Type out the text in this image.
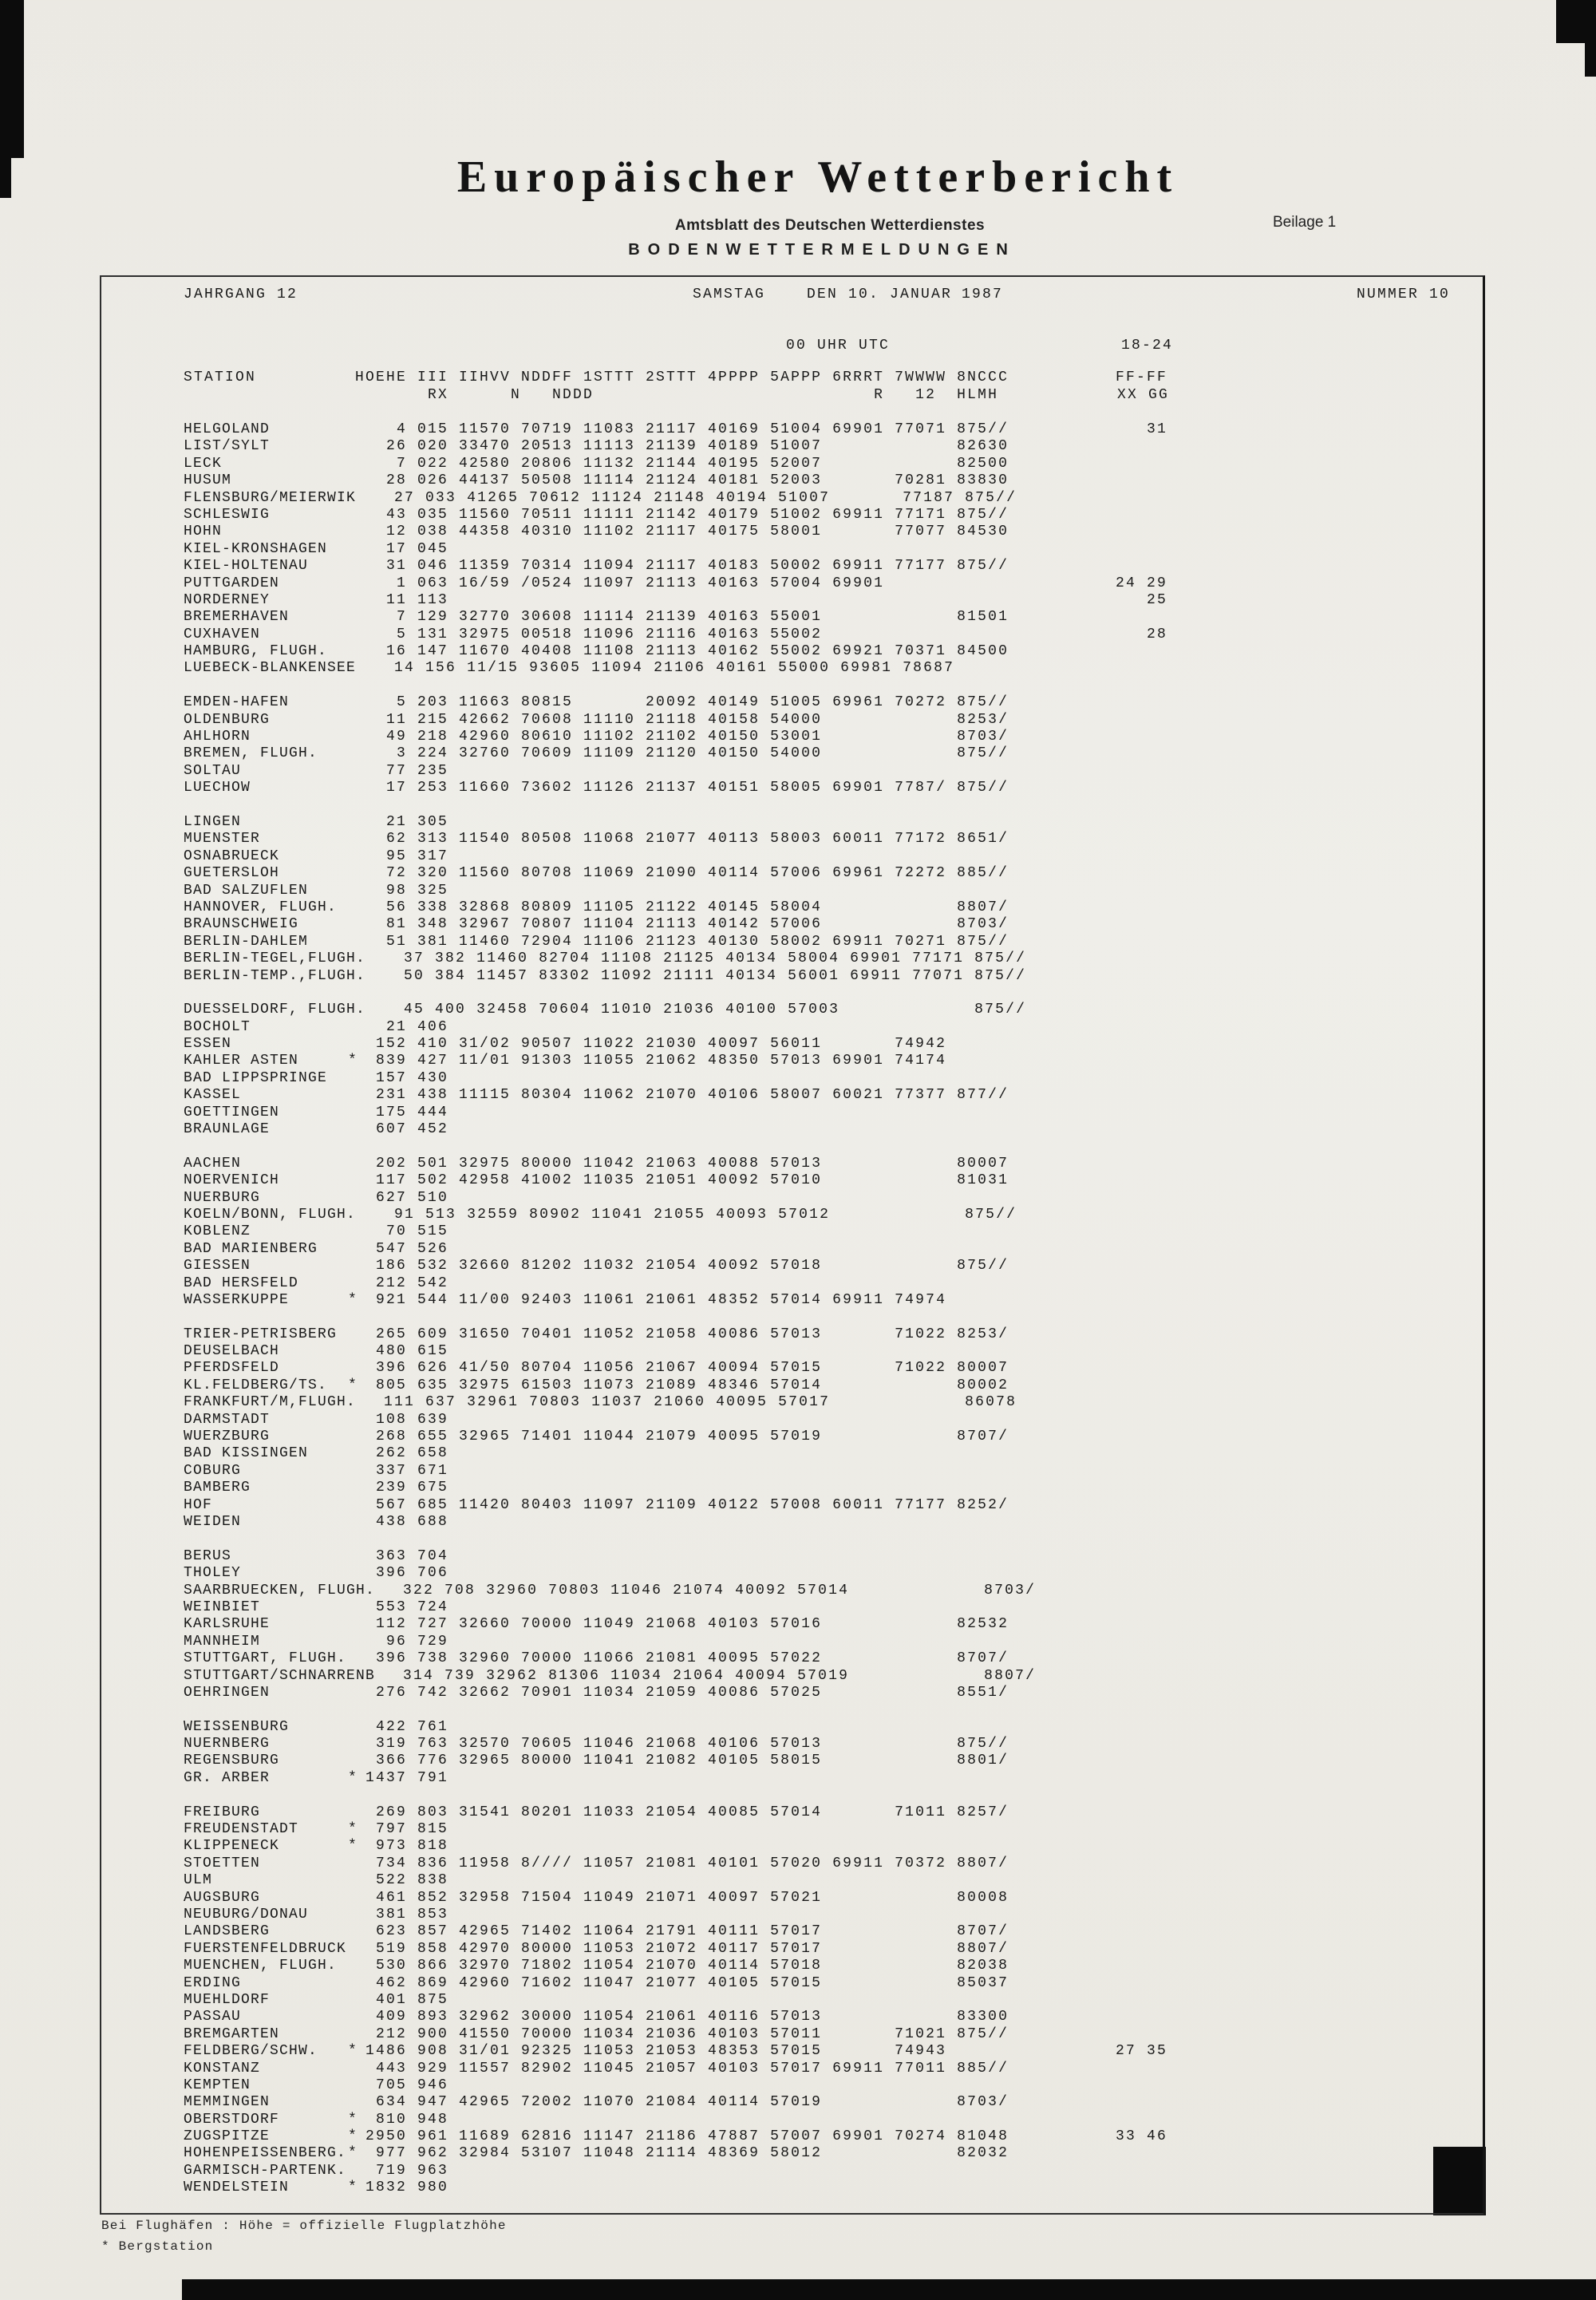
Europäischer Wetterbericht
Amtsblatt des Deutschen Wetterdienstes	Beilage 1
BODENWETTERMELDUNGEN
JAHRGANG 12	SAMSTAG	DEN 10. JANUAR 1987	NUMMER 10
00 UHR UTC	18-24
STATION	HOEHE III IIHVV NDDFF 1STTT 2STTT 4PPPP 5APPP 6RRRT 7WWWW 8NCCC	FF-FF
RX      N   NDDD                           R   12  HLMH	XX GG
HELGOLAND	4 015 11570 70719 11083 21117 40169 51004 69901 77071 875//	31
LIST/SYLT	26 020 33470 20513 11113 21139 40189 51007             82630
LECK	7 022 42580 20806 11132 21144 40195 52007             82500
HUSUM	28 026 44137 50508 11114 21124 40181 52003       70281 83830
FLENSBURG/MEIERWIK 27 033 41265 70612 11124 21148 40194 51007       77187 875//
SCHLESWIG	43 035 11560 70511 11111 21142 40179 51002 69911 77171 875//
HOHN	12 038 44358 40310 11102 21117 40175 58001       77077 84530
KIEL-KRONSHAGEN	17 045
KIEL-HOLTENAU	31 046 11359 70314 11094 21117 40183 50002 69911 77177 875//
PUTTGARDEN	1 063 16/59 /0524 11097 21113 40163 57004 69901	24 29
NORDERNEY	11 113	25
BREMERHAVEN	7 129 32770 30608 11114 21139 40163 55001             81501
CUXHAVEN	5 131 32975 00518 11096 21116 40163 55002	28
HAMBURG, FLUGH.	16 147 11670 40408 11108 21113 40162 55002 69921 70371 84500
LUEBECK-BLANKENSEE 14 156 11/15 93605 11094 21106 40161 55000 69981 78687
EMDEN-HAFEN	5 203 11663 80815       20092 40149 51005 69961 70272 875//
OLDENBURG	11 215 42662 70608 11110 21118 40158 54000             8253/
AHLHORN	49 218 42960 80610 11102 21102 40150 53001             8703/
BREMEN, FLUGH.	3 224 32760 70609 11109 21120 40150 54000             875//
SOLTAU	77 235
LUECHOW	17 253 11660 73602 11126 21137 40151 58005 69901 7787/ 875//
LINGEN	21 305
MUENSTER	62 313 11540 80508 11068 21077 40113 58003 60011 77172 8651/
OSNABRUECK	95 317
GUETERSLOH	72 320 11560 80708 11069 21090 40114 57006 69961 72272 885//
BAD SALZUFLEN	98 325
HANNOVER, FLUGH.	56 338 32868 80809 11105 21122 40145 58004             8807/
BRAUNSCHWEIG	81 348 32967 70807 11104 21113 40142 57006             8703/
BERLIN-DAHLEM	51 381 11460 72904 11106 21123 40130 58002 69911 70271 875//
BERLIN-TEGEL,FLUGH. 37 382 11460 82704 11108 21125 40134 58004 69901 77171 875//
BERLIN-TEMP.,FLUGH. 50 384 11457 83302 11092 21111 40134 56001 69911 77071 875//
DUESSELDORF, FLUGH. 45 400 32458 70604 11010 21036 40100 57003             875//
BOCHOLT	21 406
ESSEN	152 410 31/02 90507 11022 21030 40097 56011       74942
KAHLER ASTEN	* 839 427 11/01 91303 11055 21062 48350 57013 69901 74174
BAD LIPPSPRINGE	157 430
KASSEL	231 438 11115 80304 11062 21070 40106 58007 60021 77377 877//
GOETTINGEN	175 444
BRAUNLAGE	607 452
AACHEN	202 501 32975 80000 11042 21063 40088 57013             80007
NOERVENICH	117 502 42958 41002 11035 21051 40092 57010             81031
NUERBURG	627 510
KOELN/BONN, FLUGH. 91 513 32559 80902 11041 21055 40093 57012             875//
KOBLENZ	70 515
BAD MARIENBERG	547 526
GIESSEN	186 532 32660 81202 11032 21054 40092 57018             875//
BAD HERSFELD	212 542
WASSERKUPPE	* 921 544 11/00 92403 11061 21061 48352 57014 69911 74974
TRIER-PETRISBERG	265 609 31650 70401 11052 21058 40086 57013       71022 8253/
DEUSELBACH	480 615
PFERDSFELD	396 626 41/50 80704 11056 21067 40094 57015       71022 80007
KL.FELDBERG/TS.	* 805 635 32975 61503 11073 21089 48346 57014             80002
FRANKFURT/M,FLUGH. 111 637 32961 70803 11037 21060 40095 57017             86078
DARMSTADT	108 639
WUERZBURG	268 655 32965 71401 11044 21079 40095 57019             8707/
BAD KISSINGEN	262 658
COBURG	337 671
BAMBERG	239 675
HOF	567 685 11420 80403 11097 21109 40122 57008 60011 77177 8252/
WEIDEN	438 688
BERUS	363 704
THOLEY	396 706
SAARBRUECKEN, FLUGH. 322 708 32960 70803 11046 21074 40092 57014             8703/
WEINBIET	553 724
KARLSRUHE	112 727 32660 70000 11049 21068 40103 57016             82532
MANNHEIM	96 729
STUTTGART, FLUGH. 396 738 32960 70000 11066 21081 40095 57022             8707/
STUTTGART/SCHNARRENB 314 739 32962 81306 11034 21064 40094 57019             8807/
OEHRINGEN	276 742 32662 70901 11034 21059 40086 57025             8551/
WEISSENBURG	422 761
NUERNBERG	319 763 32570 70605 11046 21068 40106 57013             875//
REGENSBURG	366 776 32965 80000 11041 21082 40105 58015             8801/
GR. ARBER	* 1437 791
FREIBURG	269 803 31541 80201 11033 21054 40085 57014       71011 8257/
FREUDENSTADT	* 797 815
KLIPPENECK	* 973 818
STOETTEN	734 836 11958 8//// 11057 21081 40101 57020 69911 70372 8807/
ULM	522 838
AUGSBURG	461 852 32958 71504 11049 21071 40097 57021             80008
NEUBURG/DONAU	381 853
LANDSBERG	623 857 42965 71402 11064 21791 40111 57017             8707/
FUERSTENFELDBRUCK 519 858 42970 80000 11053 21072 40117 57017             8807/
MUENCHEN, FLUGH.	530 866 32970 71802 11054 21070 40114 57018             82038
ERDING	462 869 42960 71602 11047 21077 40105 57015             85037
MUEHLDORF	401 875
PASSAU	409 893 32962 30000 11054 21061 40116 57013             83300
BREMGARTEN	212 900 41550 70000 11034 21036 40103 57011       71021 875//
FELDBERG/SCHW.	* 1486 908 31/01 92325 11053 21053 48353 57015       74943	27 35
KONSTANZ	443 929 11557 82902 11045 21057 40103 57017 69911 77011 885//
KEMPTEN	705 946
MEMMINGEN	634 947 42965 72002 11070 21084 40114 57019             8703/
OBERSTDORF	* 810 948
ZUGSPITZE	* 2950 961 11689 62816 11147 21186 47887 57007 69901 70274 81048	33 46
HOHENPEISSENBERG. * 977 962 32984 53107 11048 21114 48369 58012             82032
GARMISCH-PARTENK. 719 963
WENDELSTEIN	* 1832 980
Bei Flughäfen : Höhe = offizielle Flugplatzhöhe
* Bergstation
